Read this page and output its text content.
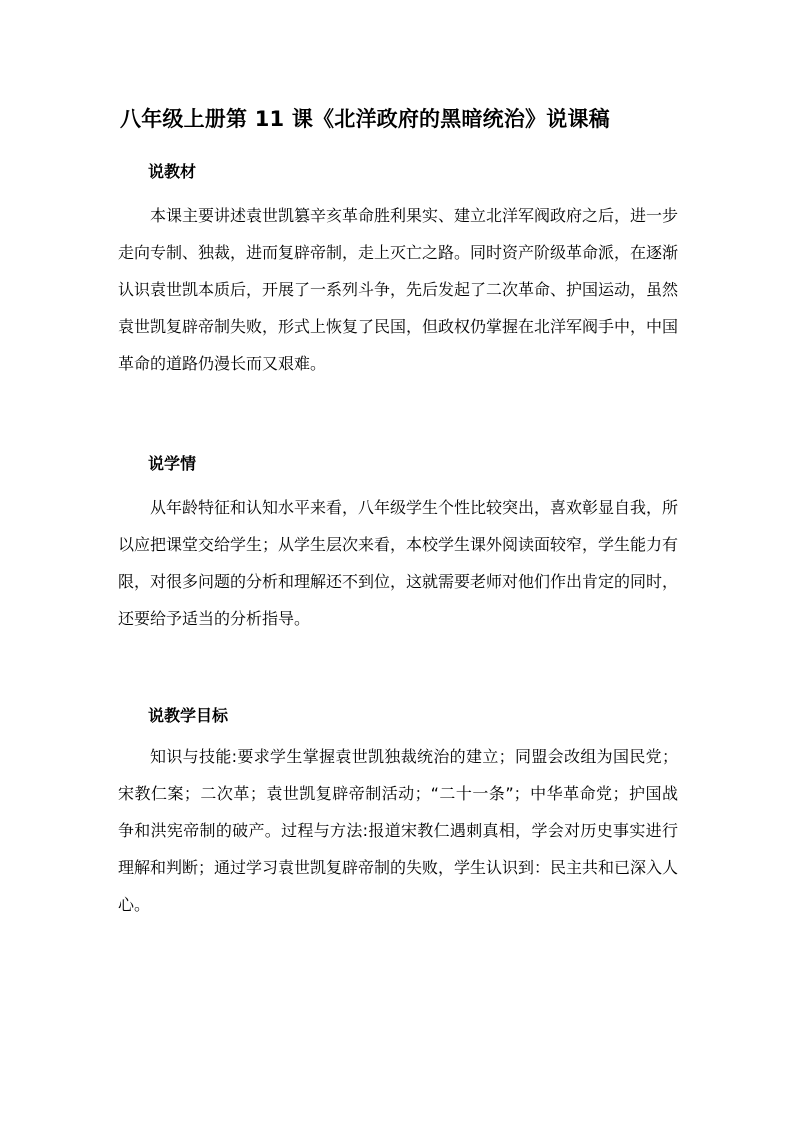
八年级上册第 11 课《北洋政府的黑暗统治》说课稿
说教材

本课主要讲述袁世凯篡辛亥革命胜利果实、建立北洋军阀政府之后，进一步走向专制、独裁，进而复辟帝制，走上灭亡之路。同时资产阶级革命派，在逐渐认识袁世凯本质后，开展了一系列斗争，先后发起了二次革命、护国运动，虽然袁世凯复辟帝制失败，形式上恢复了民国，但政权仍掌握在北洋军阀手中，中国革命的道路仍漫长而又艰难。

说学情

从年龄特征和认知水平来看，八年级学生个性比较突出，喜欢彰显自我，所以应把课堂交给学生；从学生层次来看，本校学生课外阅读面较窄，学生能力有限，对很多问题的分析和理解还不到位，这就需要老师对他们作出肯定的同时，还要给予适当的分析指导。

说教学目标

知识与技能:要求学生掌握袁世凯独裁统治的建立；同盟会改组为国民党；宋教仁案；二次革；袁世凯复辟帝制活动；“二十一条”；中华革命党；护国战争和洪宪帝制的破产。过程与方法:报道宋教仁遇刺真相，学会对历史事实进行理解和判断；通过学习袁世凯复辟帝制的失败，学生认识到：民主共和已深入人心。
